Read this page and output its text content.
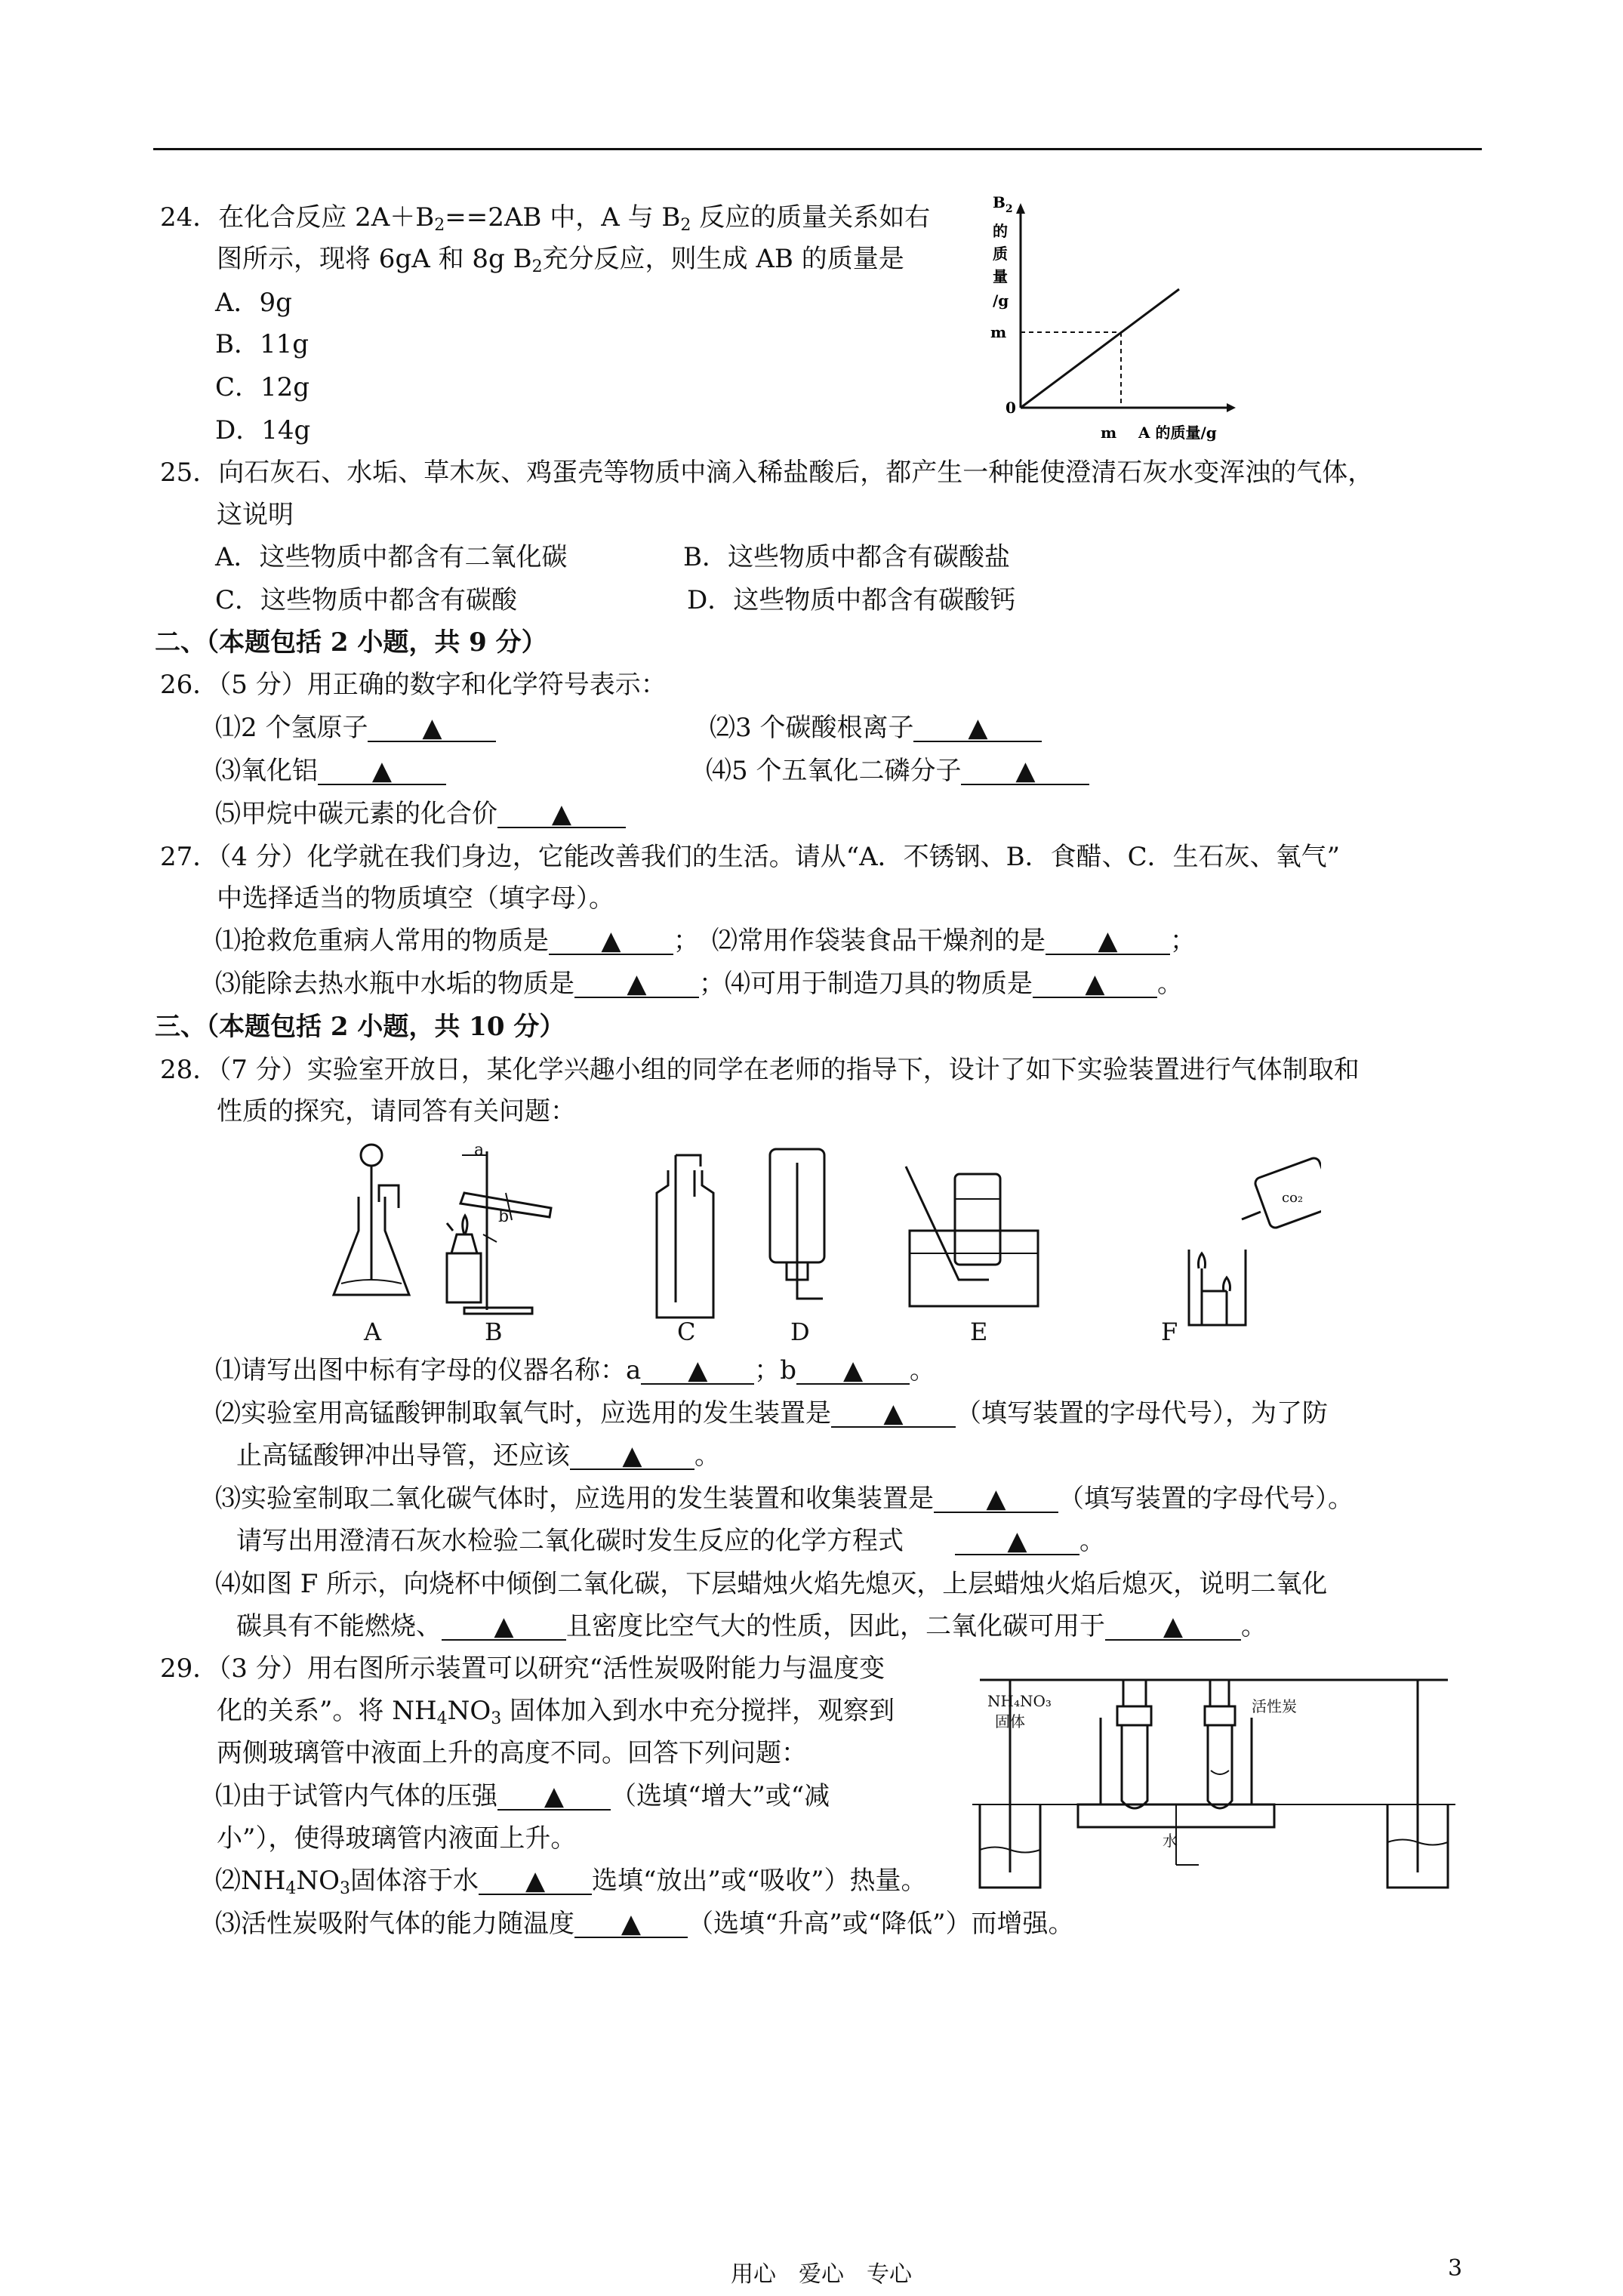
24．在化合反应 $2A+B_2==2AB$ 中，A 与 $B_2$ 反应的质量关系如右
图所示，现将 6gA 和 8g $B_2$充分反应，则生成 AB 的质量是
A．9g
B．11g
C．12g
D．14g
$B_2$
的
质
量
/g
m
0
m A 的质量/g
25．向石灰石、水垢、草木灰、鸡蛋壳等物质中滴入稀盐酸后，都产生一种能使澄清石灰水变浑浊的气体，
这说明
A．这些物质中都含有二氧化碳	B．这些物质中都含有碳酸盐
C．这些物质中都含有碳酸	D．这些物质中都含有碳酸钙
二、（本题包括 2 小题，共 9 分）
26．（5 分）用正确的数字和化学符号表示：
⑴2 个氢原子 ▲	⑵3 个碳酸根离子 ▲
⑶氧化铝 ▲	⑷5 个五氧化二磷分子 ▲
⑸甲烷中碳元素的化合价 ▲
27．（4 分）化学就在我们身边，它能改善我们的生活。请从“A．不锈钢、B．食醋、C．生石灰、氧气”
中选择适当的物质填空（填字母）。
⑴抢救危重病人常用的物质是 ▲ ；　 ⑵常用作袋装食品干燥剂的是 ▲ ；
⑶能除去热水瓶中水垢的物质是 ▲ ；⑷可用于制造刀具的物质是 ▲ 。
三、（本题包括 2 小题，共 10 分）
28．（7 分）实验室开放日，某化学兴趣小组的同学在老师的指导下，设计了如下实验装置进行气体制取和
性质的探究，请同答有关问题：
co₂
a
b
A	B	C	D	E	F
⑴请写出图中标有字母的仪器名称：a ▲ ；b ▲ 。
⑵实验室用高锰酸钾制取氧气时，应选用的发生装置是 ▲ （填写装置的字母代号），为了防
止高锰酸钾冲出导管，还应该 ▲ 。
⑶实验室制取二氧化碳气体时，应选用的发生装置和收集装置是 ▲ （填写装置的字母代号）。
请写出用澄清石灰水检验二氧化碳时发生反应的化学方程式　　	▲ 。
⑷如图 F 所示，向烧杯中倾倒二氧化碳，下层蜡烛火焰先熄灭，上层蜡烛火焰后熄灭，说明二氧化
碳具有不能燃烧、 ▲ 且密度比空气大的性质，因此，二氧化碳可用于 ▲ 。
29．（3 分）用右图所示装置可以研究“活性炭吸附能力与温度变
化的关系”。将 $NH_4NO_3$ 固体加入到水中充分搅拌，观察到
两侧玻璃管中液面上升的高度不同。回答下列问题：
⑴由于试管内气体的压强 ▲ （选填“增大”或“减
小”），使得玻璃管内液面上升。
$⑵NH_4NO_3$固体溶于水 ▲ 选填“放出”或“吸收”）热量。
⑶活性炭吸附气体的能力随温度 ▲ （选填“升高”或“降低”）而增强。
NH₄NO₃
固体
活性炭
水
用心　爱心　专心	3
